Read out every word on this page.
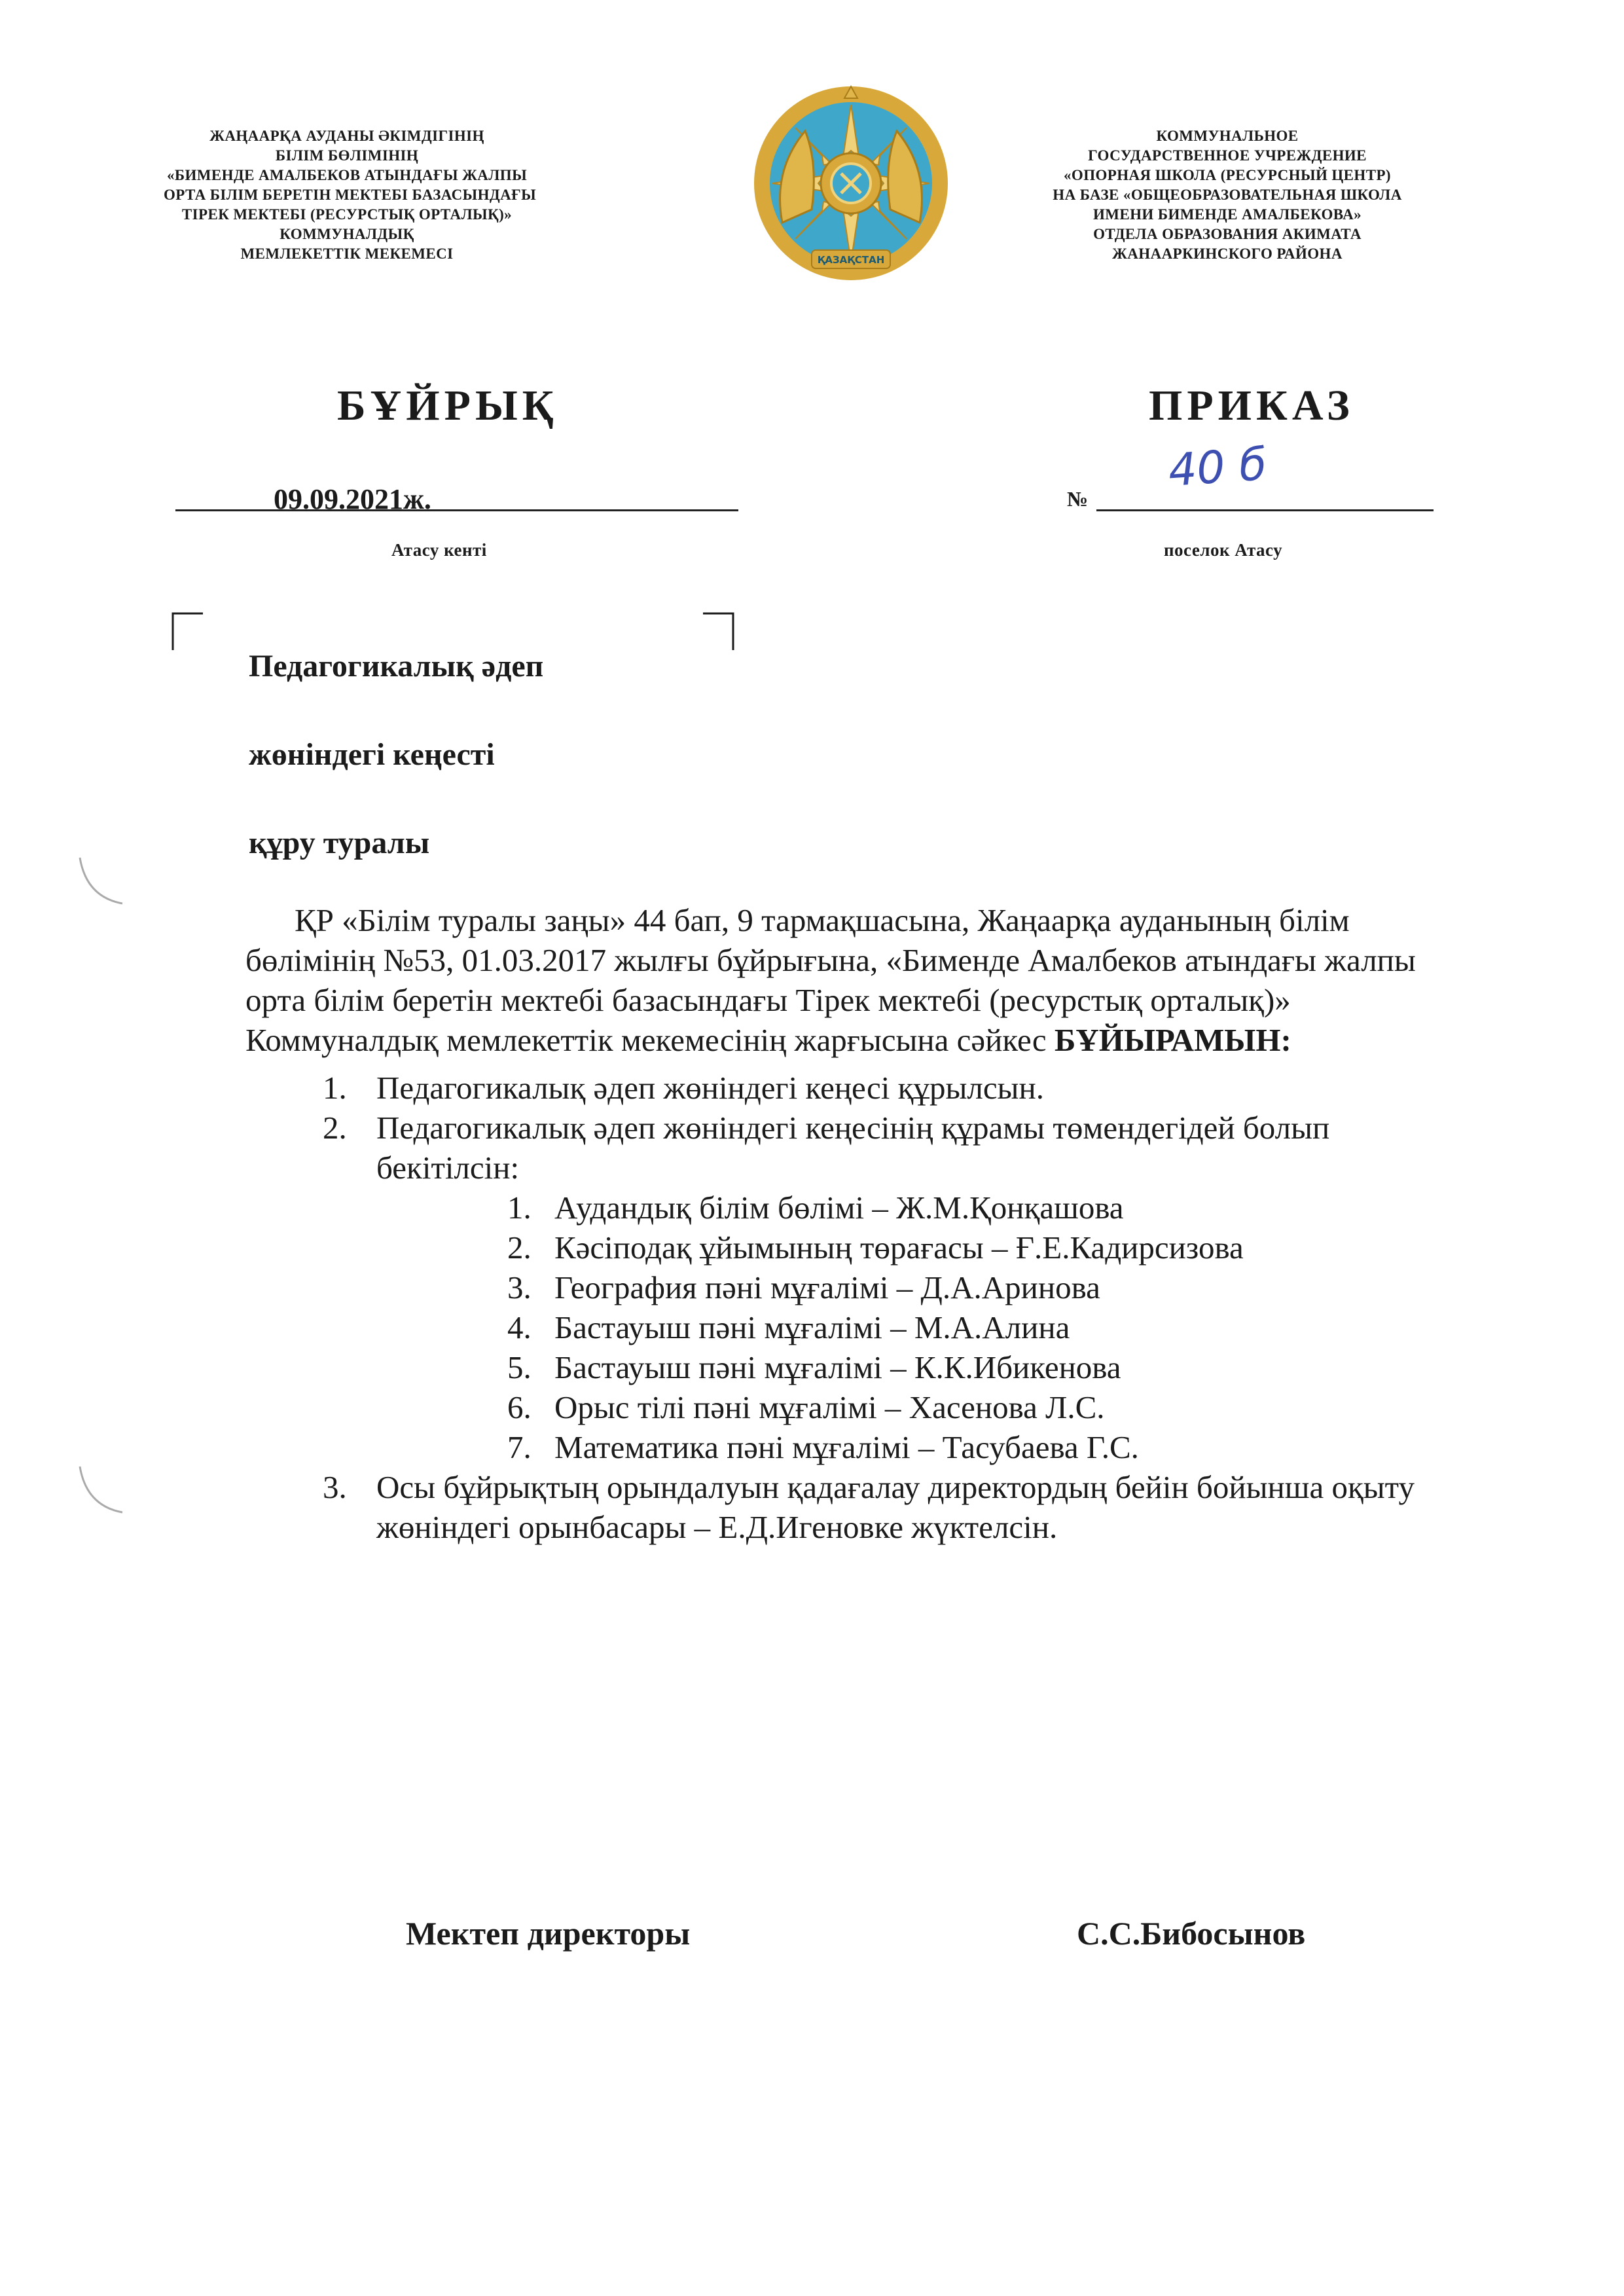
ЖАҢААРҚА АУДАНЫ ӘКІМДІГІНІҢ
БІЛІМ БӨЛІМІНІҢ
«БИМЕНДЕ АМАЛБЕКОВ АТЫНДАҒЫ ЖАЛПЫ
ОРТА БІЛІМ БЕРЕТІН МЕКТЕБІ БАЗАСЫНДАҒЫ
ТІРЕК МЕКТЕБІ (РЕСУРСТЫҚ ОРТАЛЫҚ)»
КОММУНАЛДЫҚ
МЕМЛЕКЕТТІК МЕКЕМЕСІ	ҚАЗАҚСТАН
КОММУНАЛЬНОЕ
ГОСУДАРСТВЕННОЕ УЧРЕЖДЕНИЕ
«ОПОРНАЯ ШКОЛА (РЕСУРСНЫЙ ЦЕНТР)
НА БАЗЕ «ОБЩЕОБРАЗОВАТЕЛЬНАЯ ШКОЛА
ИМЕНИ БИМЕНДЕ АМАЛБЕКОВА»
ОТДЕЛА ОБРАЗОВАНИЯ АКИМАТА
ЖАНААРКИНСКОГО РАЙОНА
БҰЙРЫҚ	ПРИКАЗ
09.09.2021ж.	№
40 б
Атасу кенті	поселок Атасу
Педагогикалық әдеп
жөніндегі кеңесті
құру туралы

ҚР «Білім туралы заңы» 44 бап, 9 тармақшасына, Жаңаарқа ауданының білім бөлімінің №53, 01.03.2017 жылғы бұйрығына, «Бименде Амалбеков атындағы жалпы орта білім беретін мектебі базасындағы Тірек мектебі (ресурстық орталық)» Коммуналдық мемлекеттік мекемесінің жарғысына сәйкес БҰЙЫРАМЫН:

1. Педагогикалық әдеп жөніндегі кеңесі құрылсын.
2. Педагогикалық әдеп жөніндегі кеңесінің құрамы төмендегідей болып бекітілсін:
1. Аудандық білім бөлімі – Ж.М.Қонқашова
2. Кәсіподақ ұйымының төрағасы – Ғ.Е.Кадирсизова
3. География пәні мұғалімі – Д.А.Аринова
4. Бастауыш пәні мұғалімі – М.А.Алина
5. Бастауыш пәні мұғалімі – К.К.Ибикенова
6. Орыс тілі пәні мұғалімі – Хасенова Л.С.
7. Математика пәні мұғалімі – Тасубаева Г.С.
3. Осы бұйрықтың орындалуын қадағалау директордың бейін бойынша оқыту жөніндегі орынбасары – Е.Д.Игеновке жүктелсін.
Мектеп директоры	С.С.Бибосынов
